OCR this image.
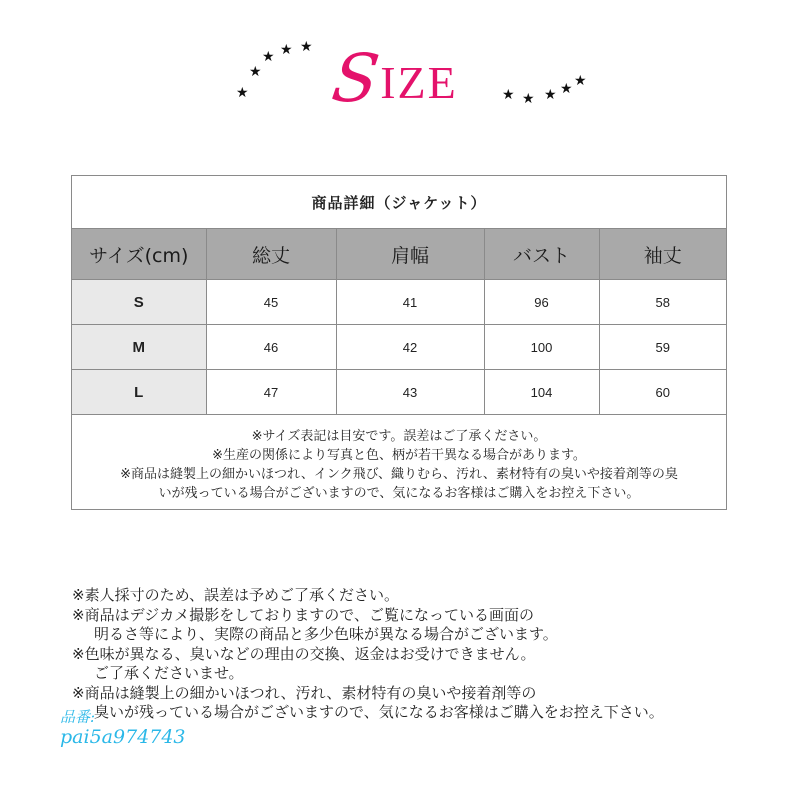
★
★
★ ★ ★ S
IZE	★ ★ ★ ★ ★
商品詳細（ジャケット）
サイズ(cm)	総丈	肩幅	バスト	袖丈
S	45	41	96	58
M	46	42	100	59
L	47	43	104	60
※サイズ表記は目安です。誤差はご了承ください。
※生産の関係により写真と色、柄が若干異なる場合があります。
※商品は縫製上の細かいほつれ、インク飛び、織りむら、汚れ、素材特有の臭いや接着剤等の臭
いが残っている場合がございますので、気になるお客様はご購入をお控え下さい。
※素人採寸のため、誤差は予めご了承ください。
※商品はデジカメ撮影をしておりますので、ご覧になっている画面の
明るさ等により、実際の商品と多少色味が異なる場合がございます。
※色味が異なる、臭いなどの理由の交換、返金はお受けできません。
ご了承くださいませ。
※商品は縫製上の細かいほつれ、汚れ、素材特有の臭いや接着剤等の
臭いが残っている場合がございますので、気になるお客様はご購入をお控え下さい。
品番:
pai5a974743
